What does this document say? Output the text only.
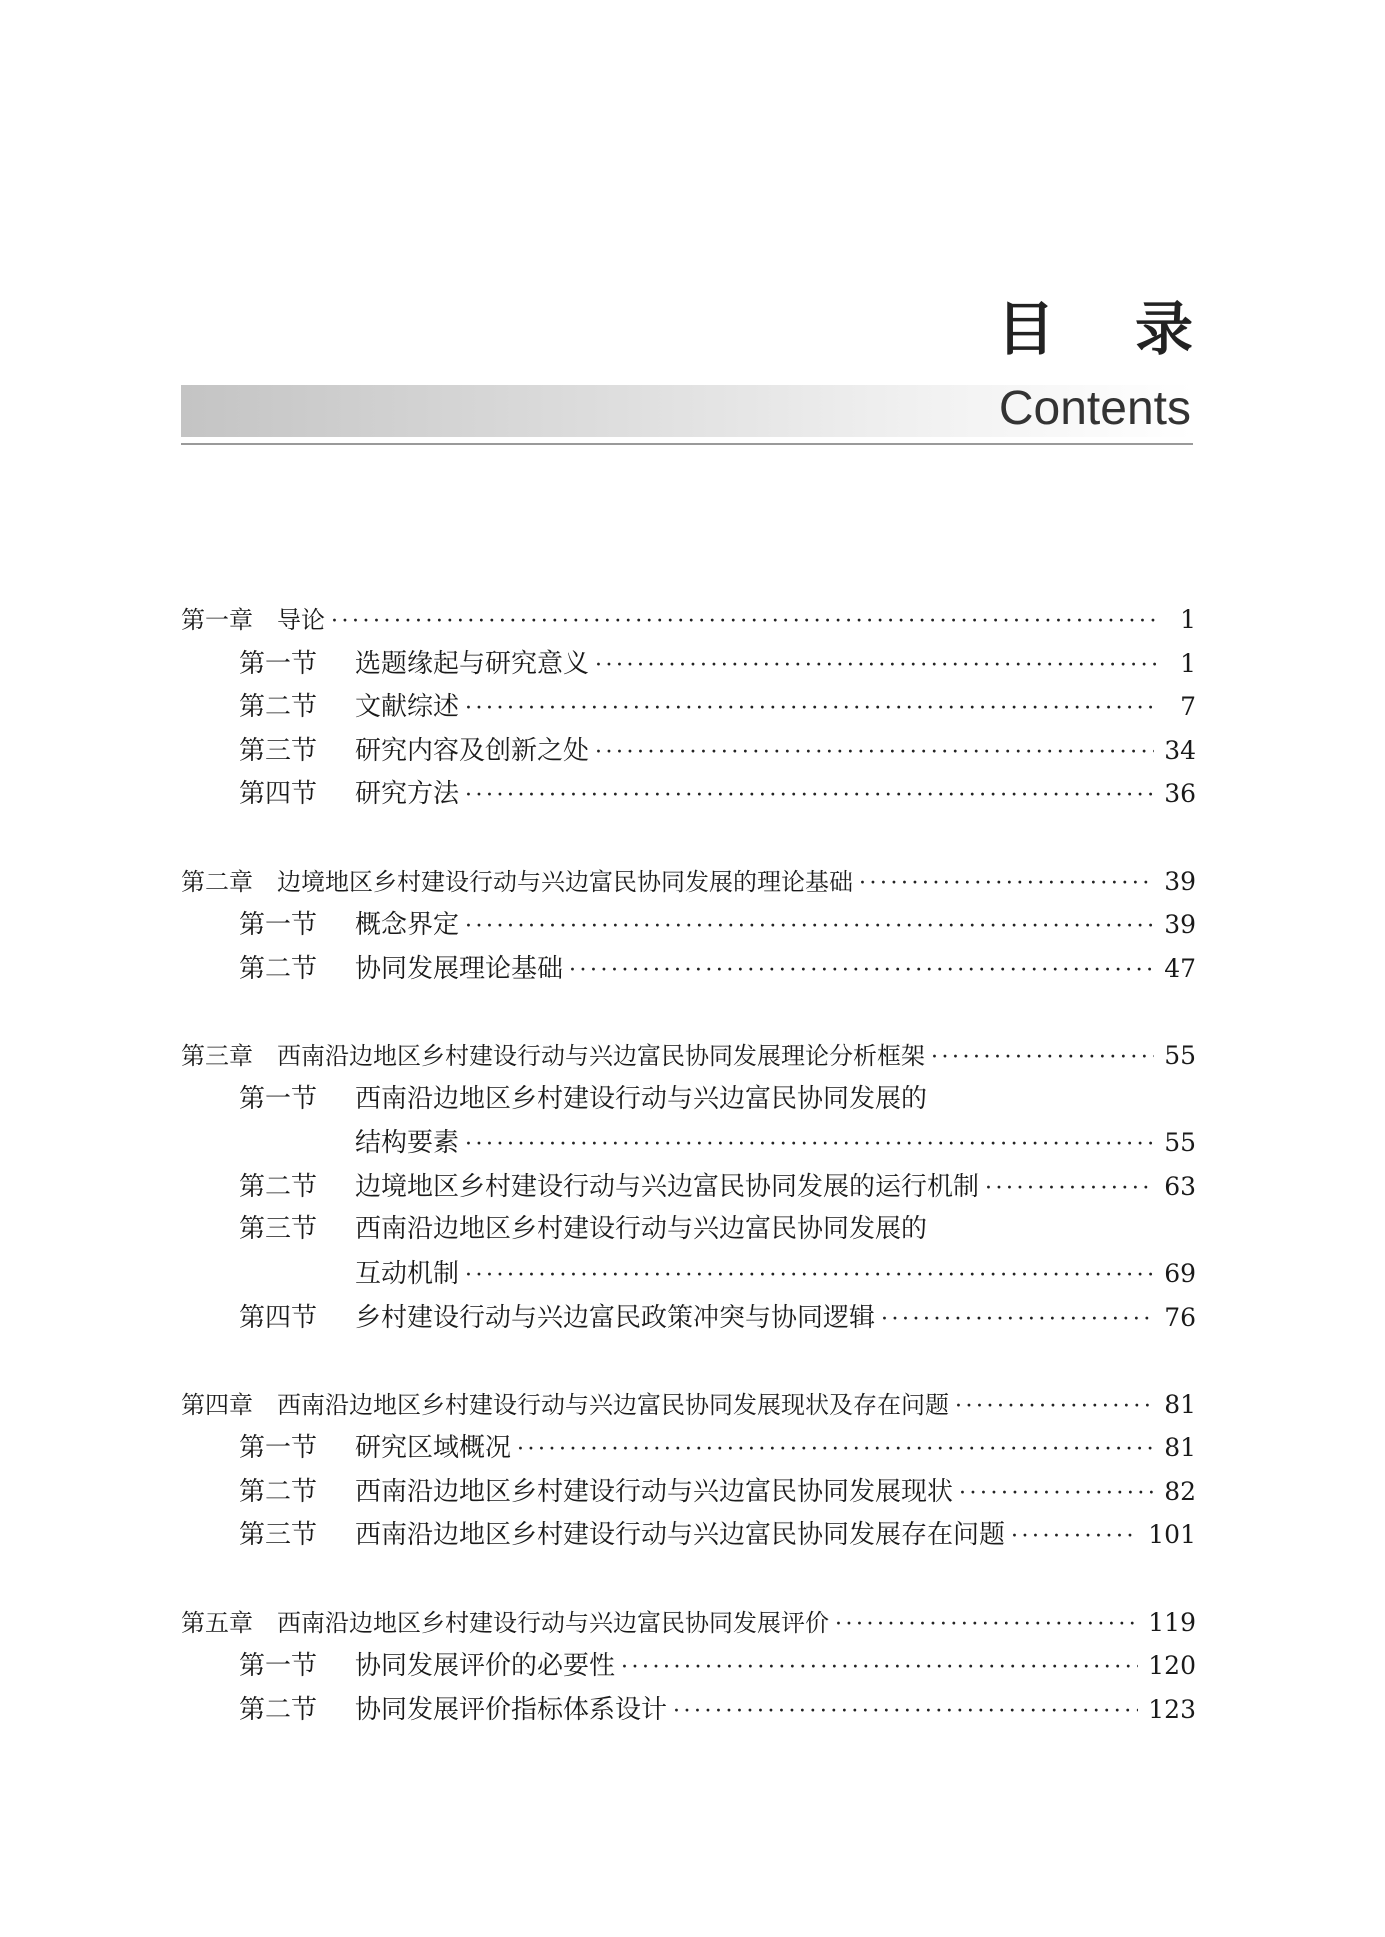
目 录
Contents
第一章	导论 ·····	1
第一节	选题缘起与研究意义 ·····	1
第二节	文献综述 ·····	7
第三节	研究内容及创新之处 ·····	34
第四节	研究方法 ·····	36
第二章	边境地区乡村建设行动与兴边富民协同发展的理论基础 ·····	39
第一节	概念界定 ·····	39
第二节	协同发展理论基础 ·····	47
第三章	西南沿边地区乡村建设行动与兴边富民协同发展理论分析框架 ·····	55
第一节	西南沿边地区乡村建设行动与兴边富民协同发展的
结构要素 ·····	55
第二节	边境地区乡村建设行动与兴边富民协同发展的运行机制 ·····	63
第三节	西南沿边地区乡村建设行动与兴边富民协同发展的
互动机制 ·····	69
第四节	乡村建设行动与兴边富民政策冲突与协同逻辑 ·····	76
第四章	西南沿边地区乡村建设行动与兴边富民协同发展现状及存在问题 ·····	81
第一节	研究区域概况 ·····	81
第二节	西南沿边地区乡村建设行动与兴边富民协同发展现状 ·····	82
第三节	西南沿边地区乡村建设行动与兴边富民协同发展存在问题 ·····	101
第五章	西南沿边地区乡村建设行动与兴边富民协同发展评价 ·····	119
第一节	协同发展评价的必要性 ·····	120
第二节	协同发展评价指标体系设计 ·····	123
